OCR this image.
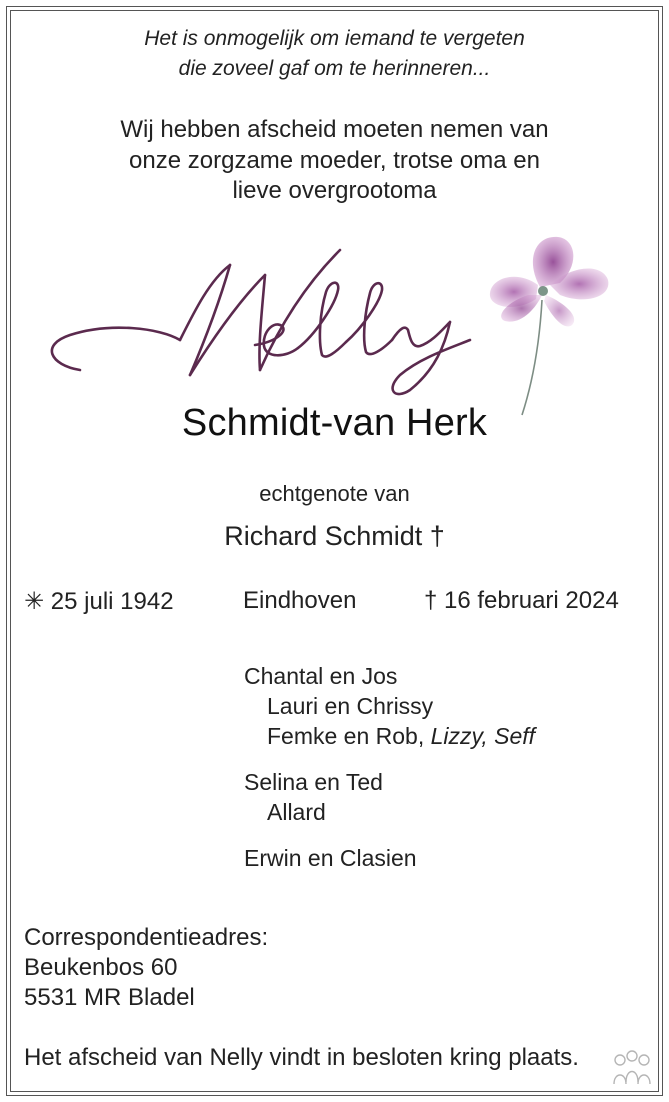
Het is onmogelijk om iemand te vergeten
die zoveel gaf om te herinneren...
Wij hebben afscheid moeten nemen van
onze zorgzame moeder, trotse oma en
lieve overgrootoma
Schmidt-van Herk
echtgenote van
Richard Schmidt †
✳ 25 juli 1942	Eindhoven	† 16 februari 2024
Chantal en Jos
Lauri en Chrissy
Femke en Rob, Lizzy, Seff
Selina en Ted
Allard
Erwin en Clasien
Correspondentieadres:
Beukenbos 60
5531 MR Bladel
Het afscheid van Nelly vindt in besloten kring plaats.
